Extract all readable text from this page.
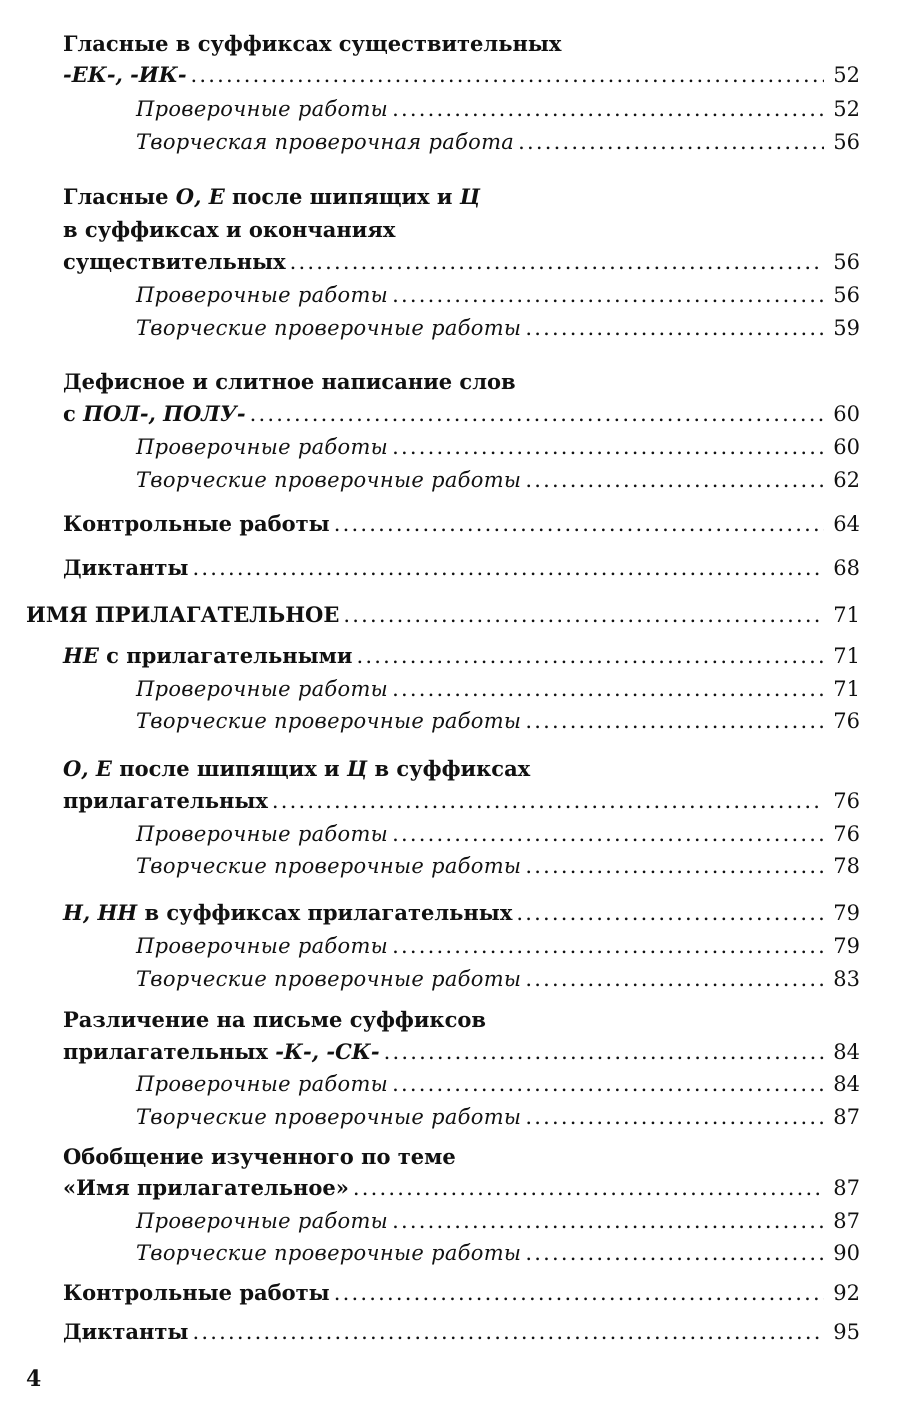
Гласные в суффиксах существительных
-ЕК-, -ИК- .....	52
Проверочные работы .....	52
Творческая проверочная работа .....	56
Гласные О, Е после шипящих и Ц
в суффиксах и окончаниях
существительных .....	56
Проверочные работы .....	56
Творческие проверочные работы .....	59
Дефисное и слитное написание слов
с ПОЛ-, ПОЛУ- .....	60
Проверочные работы .....	60
Творческие проверочные работы .....	62
Контрольные работы .....	64
Диктанты .....	68
ИМЯ ПРИЛАГАТЕЛЬНОЕ .....	71
НЕ с прилагательными .....	71
Проверочные работы .....	71
Творческие проверочные работы .....	76
О, Е после шипящих и Ц в суффиксах
прилагательных .....	76
Проверочные работы .....	76
Творческие проверочные работы .....	78
Н, НН в суффиксах прилагательных .....	79
Проверочные работы .....	79
Творческие проверочные работы .....	83
Различение на письме суффиксов
прилагательных -К-, -СК- .....	84
Проверочные работы .....	84
Творческие проверочные работы .....	87
Обобщение изученного по теме
«Имя прилагательное» .....	87
Проверочные работы .....	87
Творческие проверочные работы .....	90
Контрольные работы .....	92
Диктанты .....	95
4
